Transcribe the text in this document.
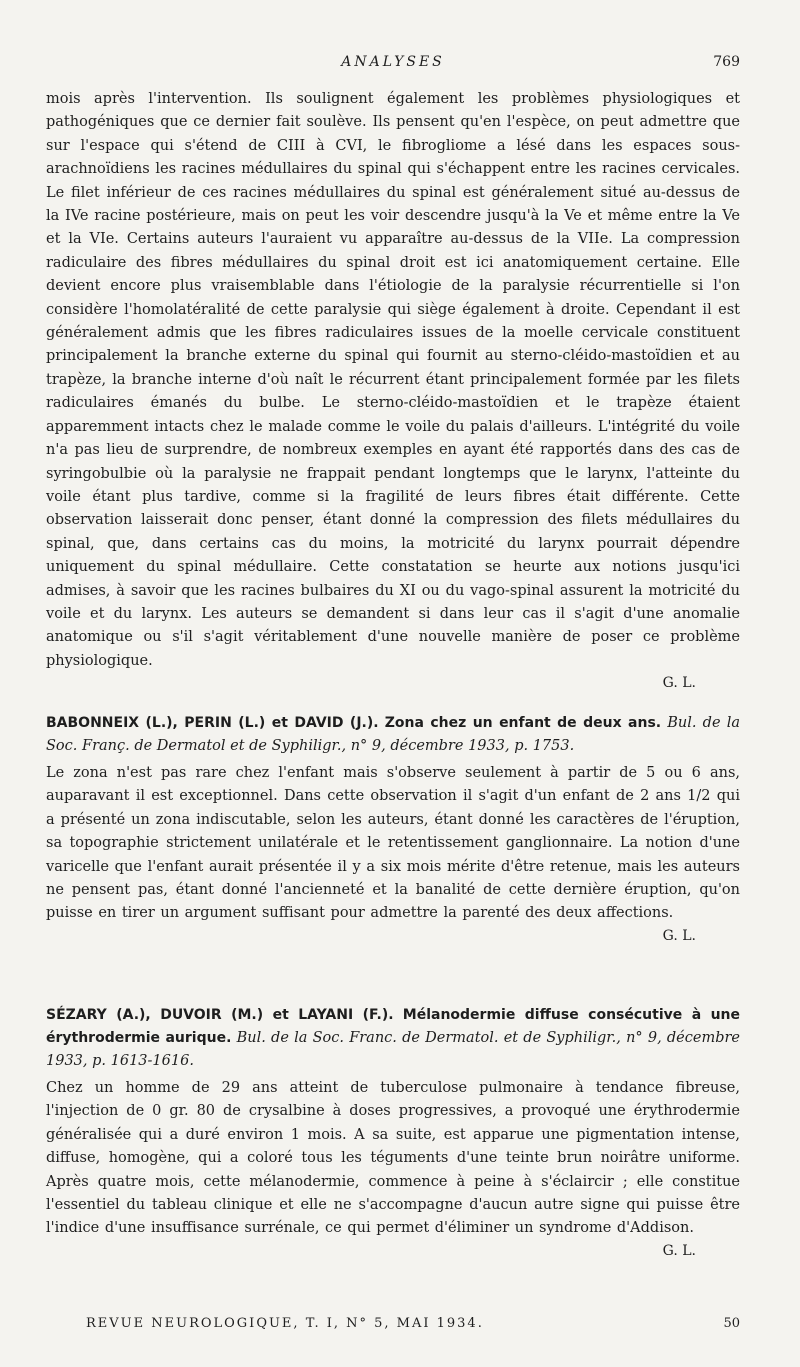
ANALYSES	769

mois après l'intervention. Ils soulignent également les problèmes physiologiques et pathogéniques que ce dernier fait soulève. Ils pensent qu'en l'espèce, on peut admettre que sur l'espace qui s'étend de CIII à CVI, le fibrogliome a lésé dans les espaces sous-arachnoïdiens les racines médullaires du spinal qui s'échappent entre les racines cervicales. Le filet inférieur de ces racines médullaires du spinal est généralement situé au-dessus de la IVe racine postérieure, mais on peut les voir descendre jusqu'à la Ve et même entre la Ve et la VIe. Certains auteurs l'auraient vu apparaître au-dessus de la VIIe. La compression radiculaire des fibres médullaires du spinal droit est ici anatomiquement certaine. Elle devient encore plus vraisemblable dans l'étiologie de la paralysie récurrentielle si l'on considère l'homolatéralité de cette paralysie qui siège également à droite. Cependant il est généralement admis que les fibres radiculaires issues de la moelle cervicale constituent principalement la branche externe du spinal qui fournit au sterno-cléido-mastoïdien et au trapèze, la branche interne d'où naît le récurrent étant principalement formée par les filets radiculaires émanés du bulbe. Le sterno-cléido-mastoïdien et le trapèze étaient apparemment intacts chez le malade comme le voile du palais d'ailleurs. L'intégrité du voile n'a pas lieu de surprendre, de nombreux exemples en ayant été rapportés dans des cas de syringobulbie où la paralysie ne frappait pendant longtemps que le larynx, l'atteinte du voile étant plus tardive, comme si la fragilité de leurs fibres était différente. Cette observation laisserait donc penser, étant donné la compression des filets médullaires du spinal, que, dans certains cas du moins, la motricité du larynx pourrait dépendre uniquement du spinal médullaire. Cette constatation se heurte aux notions jusqu'ici admises, à savoir que les racines bulbaires du XI ou du vago-spinal assurent la motricité du voile et du larynx. Les auteurs se demandent si dans leur cas il s'agit d'une anomalie anatomique ou s'il s'agit véritablement d'une nouvelle manière de poser ce problème physiologique.

G. L.

BABONNEIX (L.), PERIN (L.) et DAVID (J.). Zona chez un enfant de deux ans. Bul. de la Soc. Franç. de Dermatol et de Syphiligr., n° 9, décembre 1933, p. 1753.

Le zona n'est pas rare chez l'enfant mais s'observe seulement à partir de 5 ou 6 ans, auparavant il est exceptionnel. Dans cette observation il s'agit d'un enfant de 2 ans 1/2 qui a présenté un zona indiscutable, selon les auteurs, étant donné les caractères de l'éruption, sa topographie strictement unilatérale et le retentissement ganglionnaire. La notion d'une varicelle que l'enfant aurait présentée il y a six mois mérite d'être retenue, mais les auteurs ne pensent pas, étant donné l'ancienneté et la banalité de cette dernière éruption, qu'on puisse en tirer un argument suffisant pour admettre la parenté des deux affections.

G. L.

SÉZARY (A.), DUVOIR (M.) et LAYANI (F.). Mélanodermie diffuse consécutive à une érythrodermie aurique. Bul. de la Soc. Franc. de Dermatol. et de Syphiligr., n° 9, décembre 1933, p. 1613-1616.

Chez un homme de 29 ans atteint de tuberculose pulmonaire à tendance fibreuse, l'injection de 0 gr. 80 de crysalbine à doses progressives, a provoqué une érythrodermie généralisée qui a duré environ 1 mois. A sa suite, est apparue une pigmentation intense, diffuse, homogène, qui a coloré tous les téguments d'une teinte brun noirâtre uniforme. Après quatre mois, cette mélanodermie, commence à peine à s'éclaircir ; elle constitue l'essentiel du tableau clinique et elle ne s'accompagne d'aucun autre signe qui puisse être l'indice d'une insuffisance surrénale, ce qui permet d'éliminer un syndrome d'Addison.

G. L.
REVUE NEUROLOGIQUE, T. I, N° 5, MAI 1934.	50
